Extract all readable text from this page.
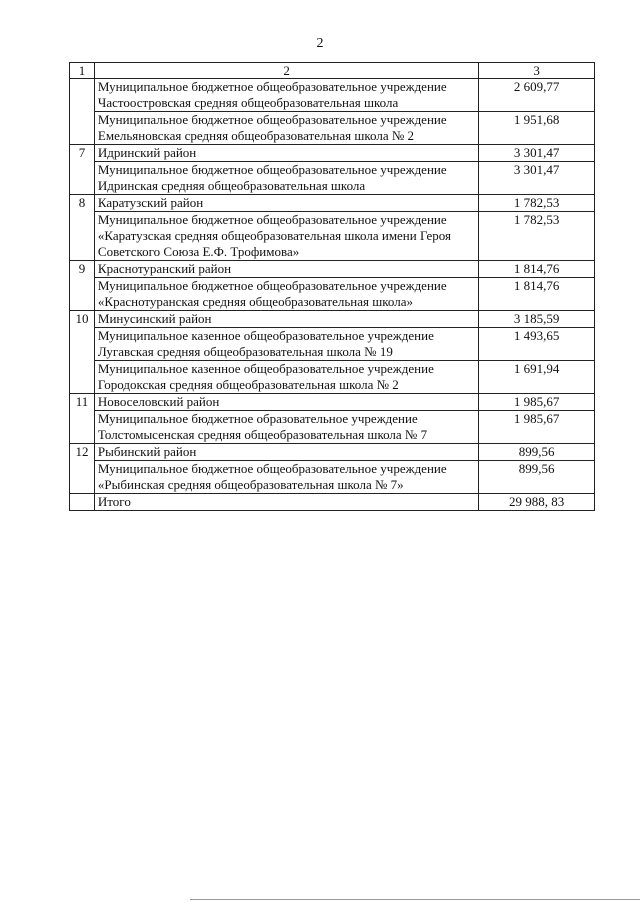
2
1	2	3
	Муниципальное бюджетное общеобразовательное учреждение Частоостровская средняя общеобразовательная школа	2 609,77
	Муниципальное бюджетное общеобразовательное учреждение Емельяновская средняя общеобразовательная школа № 2	1 951,68
7	Идринский район	3 301,47
	Муниципальное бюджетное общеобразовательное учреждение Идринская средняя общеобразовательная школа	3 301,47
8	Каратузский район	1 782,53
	Муниципальное бюджетное общеобразовательное учреждение «Каратузская средняя общеобразовательная школа имени Героя Советского Союза Е.Ф. Трофимова»	1 782,53
9	Краснотуранский район	1 814,76
	Муниципальное бюджетное общеобразовательное учреждение «Краснотуранская средняя общеобразовательная школа»	1 814,76
10	Минусинский район	3 185,59
	Муниципальное казенное общеобразовательное учреждение Лугавская средняя общеобразовательная школа № 19	1 493,65
	Муниципальное казенное общеобразовательное учреждение Городокская средняя общеобразовательная школа № 2	1 691,94
11	Новоселовский район	1 985,67
	Муниципальное бюджетное образовательное учреждение Толстомысенская средняя общеобразовательная школа № 7	1 985,67
12	Рыбинский район	899,56
	Муниципальное бюджетное общеобразовательное учреждение «Рыбинская средняя общеобразовательная школа № 7»	899,56
	Итого	29 988, 83
